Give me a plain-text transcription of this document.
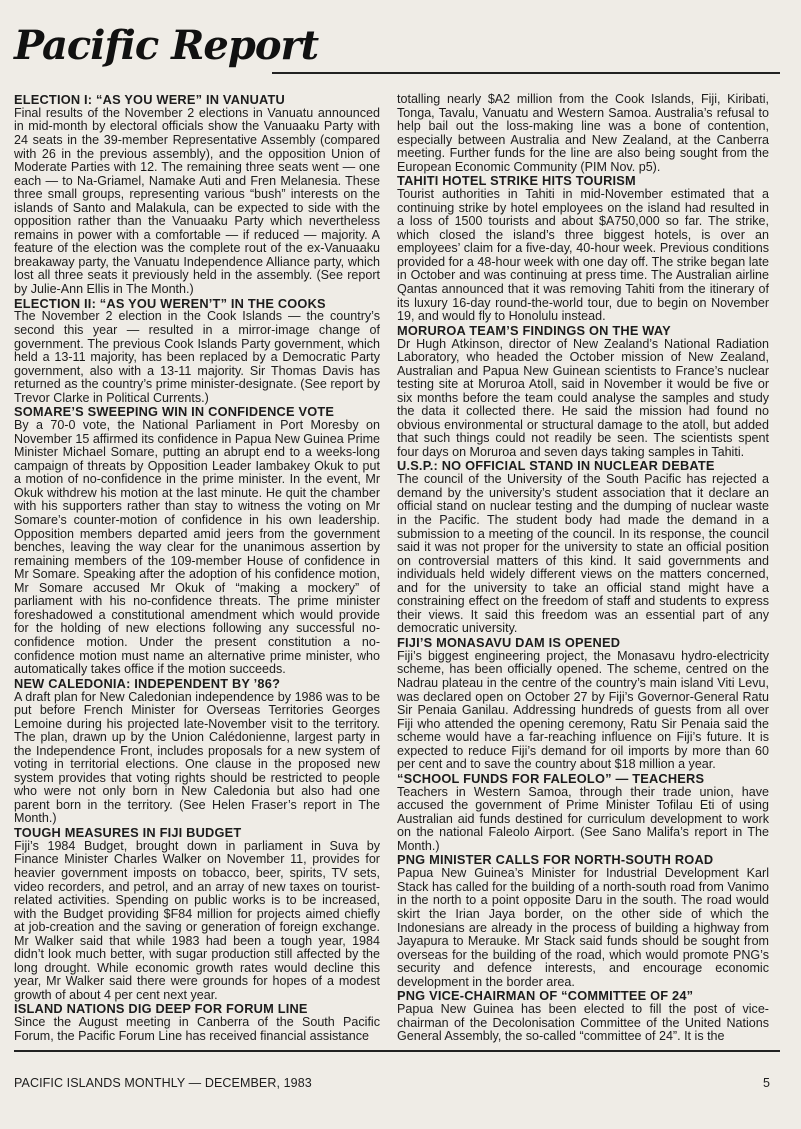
Pacific Report
ELECTION I: “AS YOU WERE” IN VANUATU

Final results of the November 2 elections in Vanuatu announced in mid-month by electoral officials show the Vanuaaku Party with 24 seats in the 39-member Representative Assembly (compared with 26 in the previous assembly), and the opposition Union of Moderate Parties with 12. The remaining three seats went — one each — to Na-Griamel, Namake Auti and Fren Melanesia. These three small groups, representing various “bush” interests on the islands of Santo and Malakula, can be expected to side with the opposition rather than the Vanuaaku Party which nevertheless remains in power with a comfortable — if reduced — majority. A feature of the election was the complete rout of the ex-Vanuaaku breakaway party, the Vanuatu Independence Alliance party, which lost all three seats it previously held in the assembly. (See report by Julie-Ann Ellis in The Month.)

ELECTION II: “AS YOU WEREN’T” IN THE COOKS

The November 2 election in the Cook Islands — the country’s second this year — resulted in a mirror-image change of government. The previous Cook Islands Party government, which held a 13-11 majority, has been replaced by a Democratic Party government, also with a 13-11 majority. Sir Thomas Davis has returned as the country’s prime minister-designate. (See report by Trevor Clarke in Political Currents.)

SOMARE’S SWEEPING WIN IN CONFIDENCE VOTE

By a 70-0 vote, the National Parliament in Port Moresby on November 15 affirmed its confidence in Papua New Guinea Prime Minister Michael Somare, putting an abrupt end to a weeks-long campaign of threats by Opposition Leader Iambakey Okuk to put a motion of no-confidence in the prime minister. In the event, Mr Okuk withdrew his motion at the last minute. He quit the chamber with his supporters rather than stay to witness the voting on Mr Somare’s counter-motion of confidence in his own leadership. Opposition members departed amid jeers from the government benches, leaving the way clear for the unanimous assertion by remaining members of the 109-member House of confidence in Mr Somare. Speaking after the adoption of his confidence motion, Mr Somare accused Mr Okuk of “making a mockery” of parliament with his no-confidence threats. The prime minister foreshadowed a constitutional amendment which would provide for the holding of new elections following any successful no-confidence motion. Under the present constitution a no-confidence motion must name an alternative prime minister, who automatically takes office if the motion succeeds.

NEW CALEDONIA: INDEPENDENT BY ’86?

A draft plan for New Caledonian independence by 1986 was to be put before French Minister for Overseas Territories Georges Lemoine during his projected late-November visit to the territory. The plan, drawn up by the Union Calédonienne, largest party in the Independence Front, includes proposals for a new system of voting in territorial elections. One clause in the proposed new system provides that voting rights should be restricted to people who were not only born in New Caledonia but also had one parent born in the territory. (See Helen Fraser’s report in The Month.)

TOUGH MEASURES IN FIJI BUDGET

Fiji’s 1984 Budget, brought down in parliament in Suva by Finance Minister Charles Walker on November 11, provides for heavier government imposts on tobacco, beer, spirits, TV sets, video recorders, and petrol, and an array of new taxes on tourist-related activities. Spending on public works is to be increased, with the Budget providing $F84 million for projects aimed chiefly at job-creation and the saving or generation of foreign exchange. Mr Walker said that while 1983 had been a tough year, 1984 didn’t look much better, with sugar production still affected by the long drought. While economic growth rates would decline this year, Mr Walker said there were grounds for hopes of a modest growth of about 4 per cent next year.

ISLAND NATIONS DIG DEEP FOR FORUM LINE

Since the August meeting in Canberra of the South Pacific Forum, the Pacific Forum Line has received financial assistance

totalling nearly $A2 million from the Cook Islands, Fiji, Kiribati, Tonga, Tavalu, Vanuatu and Western Samoa. Australia’s refusal to help bail out the loss-making line was a bone of contention, especially between Australia and New Zealand, at the Canberra meeting. Further funds for the line are also being sought from the European Economic Community (PIM Nov. p5).

TAHITI HOTEL STRIKE HITS TOURISM

Tourist authorities in Tahiti in mid-November estimated that a continuing strike by hotel employees on the island had resulted in a loss of 1500 tourists and about $A750,000 so far. The strike, which closed the island’s three biggest hotels, is over an employees’ claim for a five-day, 40-hour week. Previous conditions provided for a 48-hour week with one day off. The strike began late in October and was continuing at press time. The Australian airline Qantas announced that it was removing Tahiti from the itinerary of its luxury 16-day round-the-world tour, due to begin on November 19, and would fly to Honolulu instead.

MORUROA TEAM’S FINDINGS ON THE WAY

Dr Hugh Atkinson, director of New Zealand’s National Radiation Laboratory, who headed the October mission of New Zealand, Australian and Papua New Guinean scientists to France’s nuclear testing site at Moruroa Atoll, said in November it would be five or six months before the team could analyse the samples and study the data it collected there. He said the mission had found no obvious environmental or structural damage to the atoll, but added that such things could not readily be seen. The scientists spent four days on Moruroa and seven days taking samples in Tahiti.

U.S.P.: NO OFFICIAL STAND IN NUCLEAR DEBATE

The council of the University of the South Pacific has rejected a demand by the university’s student association that it declare an official stand on nuclear testing and the dumping of nuclear waste in the Pacific. The student body had made the demand in a submission to a meeting of the council. In its response, the council said it was not proper for the university to state an official position on controversial matters of this kind. It said governments and individuals held widely different views on the matters concerned, and for the university to take an official stand might have a constraining effect on the freedom of staff and students to express their views. It said this freedom was an essential part of any democratic university.

FIJI’S MONASAVU DAM IS OPENED

Fiji’s biggest engineering project, the Monasavu hydro-electricity scheme, has been officially opened. The scheme, centred on the Nadrau plateau in the centre of the country’s main island Viti Levu, was declared open on October 27 by Fiji’s Governor-General Ratu Sir Penaia Ganilau. Addressing hundreds of guests from all over Fiji who attended the opening ceremony, Ratu Sir Penaia said the scheme would have a far-reaching influence on Fiji’s future. It is expected to reduce Fiji’s demand for oil imports by more than 60 per cent and to save the country about $18 million a year.

“SCHOOL FUNDS FOR FALEOLO” — TEACHERS

Teachers in Western Samoa, through their trade union, have accused the government of Prime Minister Tofilau Eti of using Australian aid funds destined for curriculum development to work on the national Faleolo Airport. (See Sano Malifa’s report in The Month.)

PNG MINISTER CALLS FOR NORTH-SOUTH ROAD

Papua New Guinea’s Minister for Industrial Development Karl Stack has called for the building of a north-south road from Vanimo in the north to a point opposite Daru in the south. The road would skirt the Irian Jaya border, on the other side of which the Indonesians are already in the process of building a highway from Jayapura to Merauke. Mr Stack said funds should be sought from overseas for the building of the road, which would promote PNG’s security and defence interests, and encourage economic development in the border area.

PNG VICE-CHAIRMAN OF “COMMITTEE OF 24”

Papua New Guinea has been elected to fill the post of vice-chairman of the Decolonisation Committee of the United Nations General Assembly, the so-called “committee of 24”. It is the

PACIFIC ISLANDS MONTHLY — DECEMBER, 1983	5
